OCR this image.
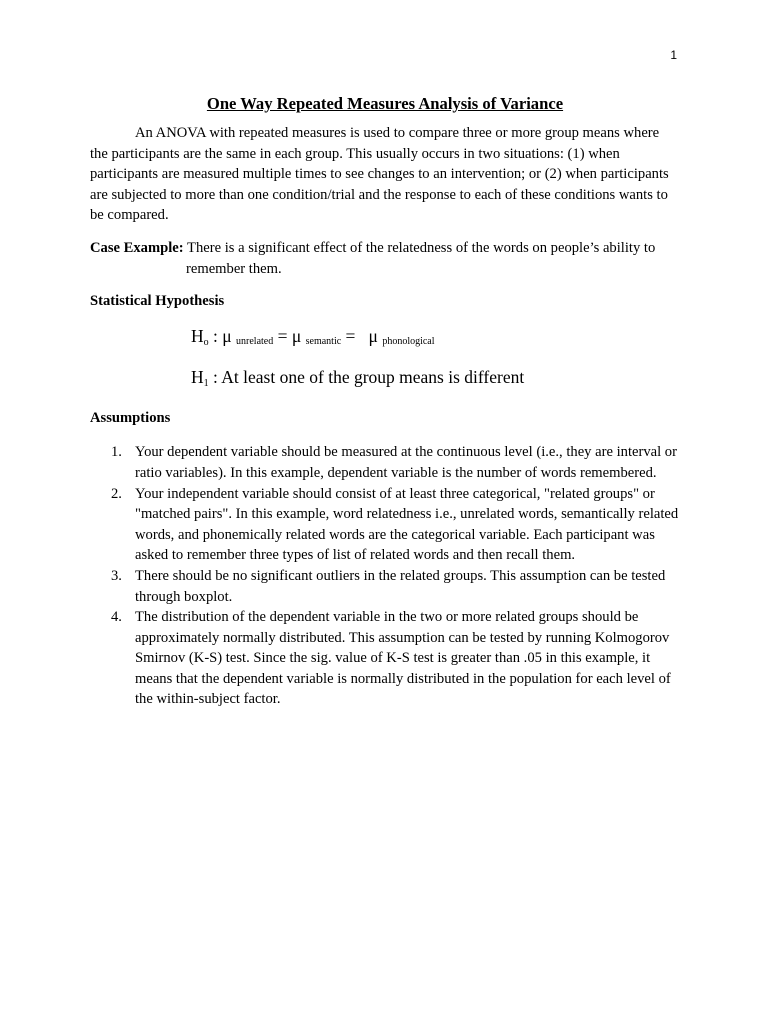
1
One Way Repeated Measures Analysis of Variance

An ANOVA with repeated measures is used to compare three or more group means where the participants are the same in each group. This usually occurs in two situations: (1) when participants are measured multiple times to see changes to an intervention; or (2) when participants are subjected to more than one condition/trial and the response to each of these conditions wants to be compared.

Case Example: There is a significant effect of the relatedness of the words on people’s ability to remember them.

Statistical Hypothesis
Ho : μ $_{unrelated}$ = μ $_{semantic}$ =   μ $_{phonological}$
H1 : At least one of the group means is different
Assumptions
1. Your dependent variable should be measured at the continuous level (i.e., they are interval or ratio variables). In this example, dependent variable is the number of words remembered.
2. Your independent variable should consist of at least three categorical, "related groups" or "matched pairs". In this example, word relatedness i.e., unrelated words, semantically related words, and phonemically related words are the categorical variable. Each participant was asked to remember three types of list of related words and then recall them.
3. There should be no significant outliers in the related groups. This assumption can be tested through boxplot.
4. The distribution of the dependent variable in the two or more related groups should be approximately normally distributed. This assumption can be tested by running Kolmogorov Smirnov (K-S) test. Since the sig. value of K-S test is greater than .05 in this example, it means that the dependent variable is normally distributed in the population for each level of the within-subject factor.
